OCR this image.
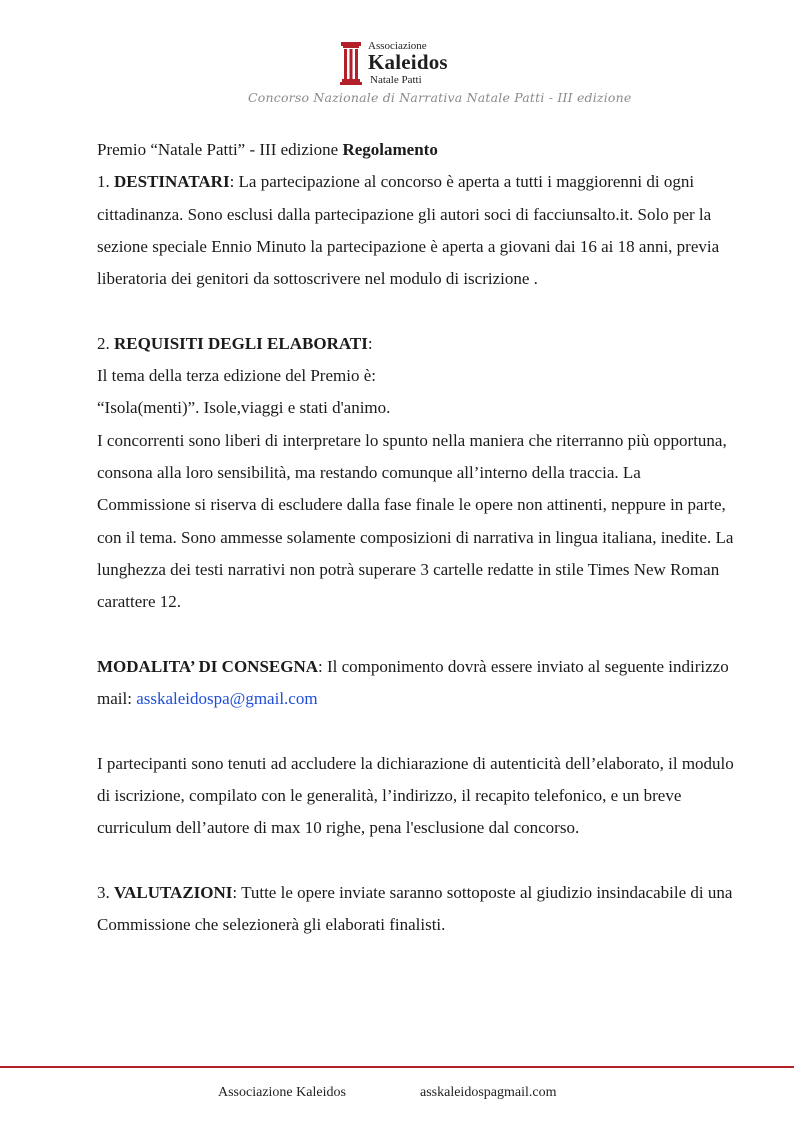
Associazione
Kaleidos
Natale Patti
Concorso Nazionale di Narrativa Natale Patti - III edizione

Premio “Natale Patti” - III edizione Regolamento

1. DESTINATARI: La partecipazione al concorso è aperta a tutti i maggiorenni di ogni cittadinanza. Sono esclusi dalla partecipazione gli autori soci di facciunsalto.it. Solo per la sezione speciale Ennio Minuto la partecipazione è aperta a giovani dai 16 ai 18 anni, previa liberatoria dei genitori da sottoscrivere nel modulo di iscrizione .

2. REQUISITI DEGLI ELABORATI:

Il tema della terza edizione del Premio è:

“Isola(menti)”. Isole,viaggi e stati d'animo.

I concorrenti sono liberi di interpretare lo spunto nella maniera che riterranno più opportuna, consona alla loro sensibilità, ma restando comunque all’interno della traccia. La Commissione si riserva di escludere dalla fase finale le opere non attinenti, neppure in parte, con il tema. Sono ammesse solamente composizioni di narrativa in lingua italiana, inedite. La lunghezza dei testi narrativi non potrà superare 3 cartelle redatte in stile Times New Roman carattere 12.

MODALITA’ DI CONSEGNA: Il componimento dovrà essere inviato al seguente indirizzo mail: asskaleidospa@gmail.com

I partecipanti sono tenuti ad accludere la dichiarazione di autenticità dell’elaborato, il modulo di iscrizione, compilato con le generalità, l’indirizzo, il recapito telefonico, e un breve curriculum dell’autore di max 10 righe, pena l'esclusione dal concorso.

3. VALUTAZIONI: Tutte le opere inviate saranno sottoposte al giudizio insindacabile di una Commissione che selezionerà gli elaborati finalisti.

Associazione Kaleidos	asskaleidospagmail.com
